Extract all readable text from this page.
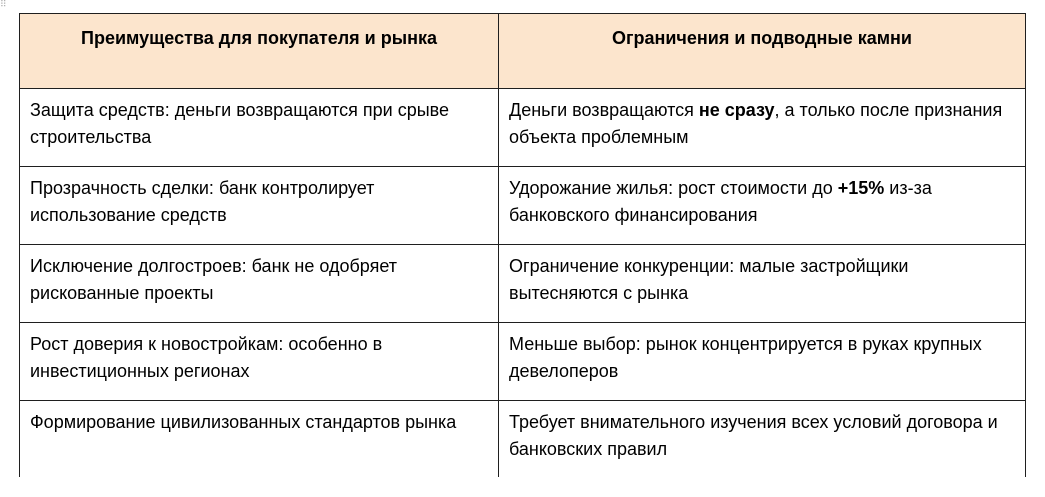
⠿
Преимущества для покупателя и рынка	Ограничения и подводные камни
Защита средств: деньги возвращаются при срыве строительства	Деньги возвращаются не сразу, а только после признания объекта проблемным
Прозрачность сделки: банк контролирует использование средств	Удорожание жилья: рост стоимости до +15% из-за банковского финансирования
Исключение долгостроев: банк не одобряет рискованные проекты	Ограничение конкуренции: малые застройщики вытесняются с рынка
Рост доверия к новостройкам: особенно в инвестиционных регионах	Меньше выбор: рынок концентрируется в руках крупных девелоперов
Формирование цивилизованных стандартов рынка	Требует внимательного изучения всех условий договора и банковских правил
